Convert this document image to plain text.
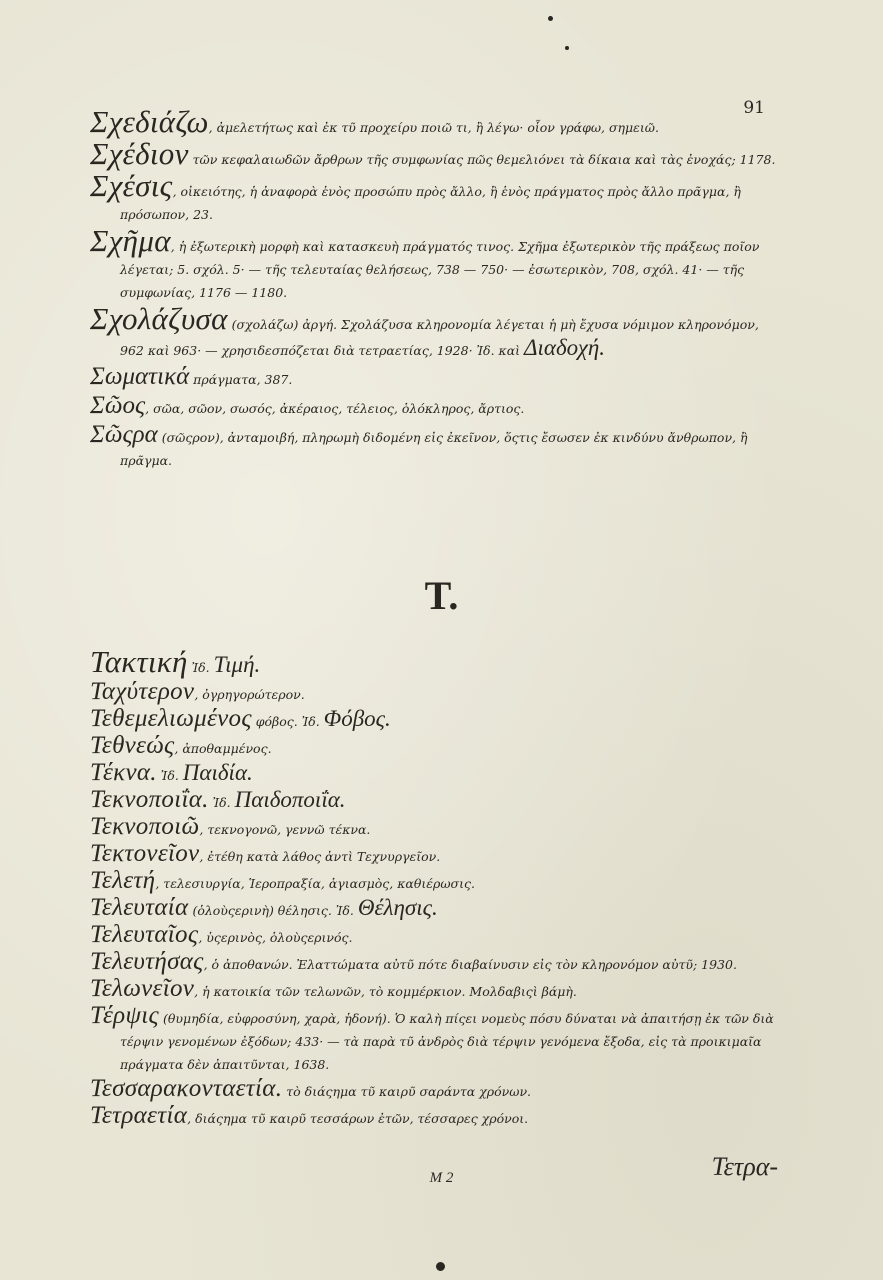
91

Σχεδιάζω, ἀμελετήτως καὶ ἐκ τῦ προχείρυ ποιῶ τι, ἢ λέγω· οἷον γράφω, σημειῶ.

Σχέδιον τῶν κεφαλαιωδῶν ἄρθρων τῆς συμφωνίας πῶς θεμελιόνει τὰ δίκαια καὶ τὰς ἐνοχάς; 1178.

Σχέσις, οἰκειότης, ἡ ἀναφορὰ ἑνὸς προσώπυ πρὸς ἄλλο, ἢ ἑνὸς πράγματος πρὸς ἄλλο πρᾶγμα, ἢ πρόσωπον, 23.

Σχῆμα, ἡ ἐξωτερικὴ μορφὴ καὶ κατασκευὴ πράγματός τινος. Σχῆμα ἐξωτερικὸν τῆς πράξεως ποῖον λέγεται; 5. σχόλ. 5· — τῆς τελευταίας θελήσεως, 738 — 750· — ἐσωτερικὸν, 708, σχόλ. 41· — τῆς συμφωνίας, 1176 — 1180.

Σχολάζυσα (σχολάζω) ἀργή. Σχολάζυσα κληρονομία λέγεται ἡ μὴ ἔχυσα νόμιμον κληρονόμον, 962 καὶ 963· — χρησιδεσπόζεται διὰ τετραετίας, 1928· Ἰδ. καὶ Διαδοχή.

Σωματικά πράγματα, 387.

Σῶος, σῶα, σῶον, σωσός, ἀκέραιος, τέλειος, ὁλόκληρος, ἄρτιος.

Σῶςρα (σῶςρον), ἀνταμοιβή, πληρωμὴ διδομένη εἰς ἐκεῖνον, ὅςτις ἔσωσεν ἐκ κινδύνυ ἄνθρωπον, ἢ πρᾶγμα.

T.

Τακτική Ἰδ. Τιμή.

Ταχύτερον, ὀγρηγορώτερον.

Τεθεμελιωμένος φόβος. Ἰδ. Φόβος.

Τεθνεώς, ἀποθαμμένος.

Τέκνα. Ἰδ. Παιδία.

Τεκνοποιΐα. Ἰδ. Παιδοποιΐα.

Τεκνοποιῶ, τεκνογονῶ, γεννῶ τέκνα.

Τεκτονεῖον, ἐτέθη κατὰ λάθος ἀντὶ Τεχνυργεῖον.

Τελετή, τελεσιυργία, Ἱεροπραξία, ἁγιασμὸς, καθιέρωσις.

Τελευταία (ὁλοὺςερινὴ) θέλησις. Ἰδ. Θέλησις.

Τελευταῖος, ὑςερινὸς, ὁλοὺςερινός.

Τελευτήσας, ὁ ἀποθανών. Ἐλαττώματα αὐτῦ πότε διαβαίνυσιν εἰς τὸν κληρονόμον αὐτῦ; 1930.

Τελωνεῖον, ἡ κατοικία τῶν τελωνῶν, τὸ κομμέρκιον. Μολδαβιςὶ βάμὴ.

Τέρψις (θυμηδία, εὐφροσύνη, χαρὰ, ἡδονή). Ὁ καλὴ πίςει νομεὺς πόσυ δύναται νὰ ἀπαιτήσῃ ἐκ τῶν διὰ τέρψιν γενομένων ἐξόδων; 433· — τὰ παρὰ τῦ ἀνδρὸς διὰ τέρψιν γενόμενα ἔξοδα, εἰς τὰ προικιμαῖα πράγματα δὲν ἀπαιτῦνται, 1638.

Τεσσαρακονταετία. τὸ διάςημα τῦ καιρῦ σαράντα χρόνων.

Τετραετία, διάςημα τῦ καιρῦ τεσσάρων ἐτῶν, τέσσαρες χρόνοι.

Τετρα-
M 2
